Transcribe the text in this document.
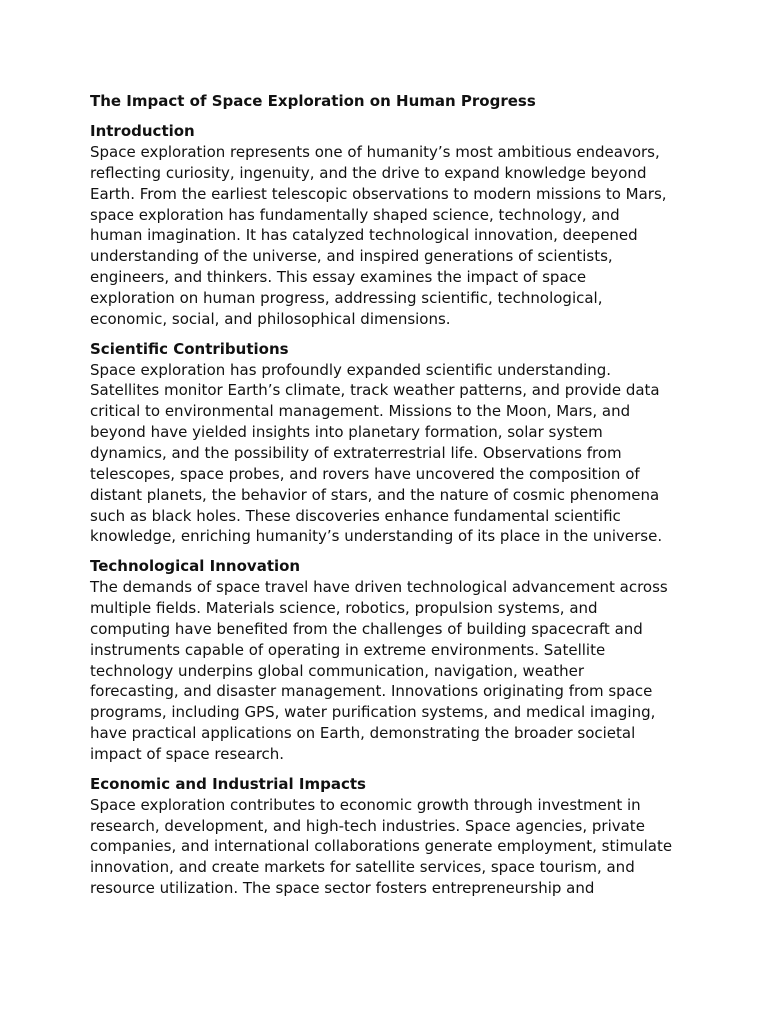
The Impact of Space Exploration on Human Progress
Introduction
Space exploration represents one of humanity’s most ambitious endeavors,
reflecting curiosity, ingenuity, and the drive to expand knowledge beyond
Earth. From the earliest telescopic observations to modern missions to Mars,
space exploration has fundamentally shaped science, technology, and
human imagination. It has catalyzed technological innovation, deepened
understanding of the universe, and inspired generations of scientists,
engineers, and thinkers. This essay examines the impact of space
exploration on human progress, addressing scientific, technological,
economic, social, and philosophical dimensions.
Scientific Contributions
Space exploration has profoundly expanded scientific understanding.
Satellites monitor Earth’s climate, track weather patterns, and provide data
critical to environmental management. Missions to the Moon, Mars, and
beyond have yielded insights into planetary formation, solar system
dynamics, and the possibility of extraterrestrial life. Observations from
telescopes, space probes, and rovers have uncovered the composition of
distant planets, the behavior of stars, and the nature of cosmic phenomena
such as black holes. These discoveries enhance fundamental scientific
knowledge, enriching humanity’s understanding of its place in the universe.
Technological Innovation
The demands of space travel have driven technological advancement across
multiple fields. Materials science, robotics, propulsion systems, and
computing have benefited from the challenges of building spacecraft and
instruments capable of operating in extreme environments. Satellite
technology underpins global communication, navigation, weather
forecasting, and disaster management. Innovations originating from space
programs, including GPS, water purification systems, and medical imaging,
have practical applications on Earth, demonstrating the broader societal
impact of space research.
Economic and Industrial Impacts
Space exploration contributes to economic growth through investment in
research, development, and high-tech industries. Space agencies, private
companies, and international collaborations generate employment, stimulate
innovation, and create markets for satellite services, space tourism, and
resource utilization. The space sector fosters entrepreneurship and
